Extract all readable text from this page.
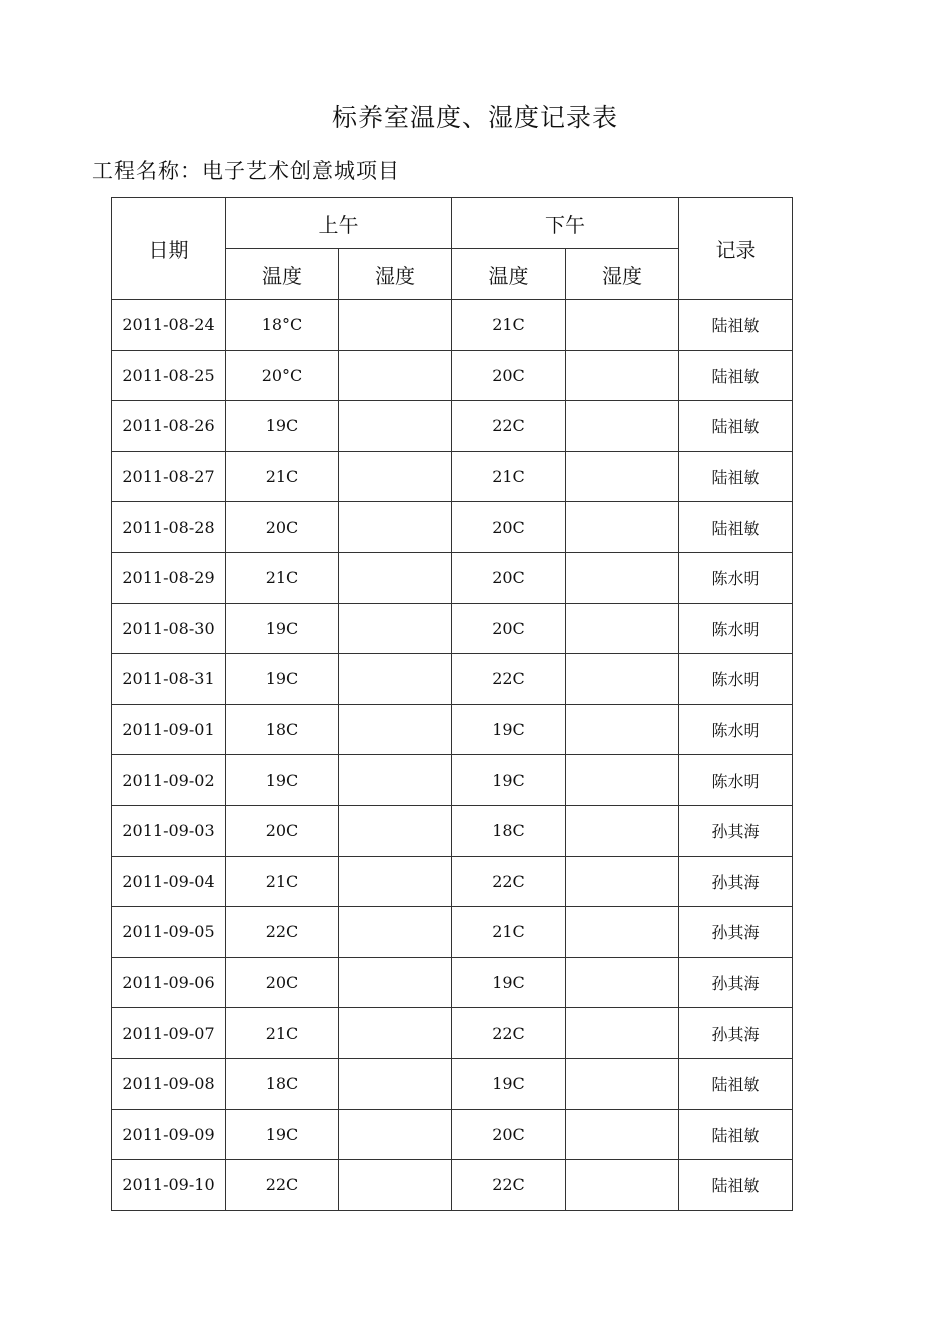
标养室温度、湿度记录表
工程名称：电子艺术创意城项目
日期	上午		下午		记录
	温度	湿度	温度	湿度	
2011-08-24	18°C		21C		陆祖敏
2011-08-25	20°C		20C		陆祖敏
2011-08-26	19C		22C		陆祖敏
2011-08-27	21C		21C		陆祖敏
2011-08-28	20C		20C		陆祖敏
2011-08-29	21C		20C		陈水明
2011-08-30	19C		20C		陈水明
2011-08-31	19C		22C		陈水明
2011-09-01	18C		19C		陈水明
2011-09-02	19C		19C		陈水明
2011-09-03	20C		18C		孙其海
2011-09-04	21C		22C		孙其海
2011-09-05	22C		21C		孙其海
2011-09-06	20C		19C		孙其海
2011-09-07	21C		22C		孙其海
2011-09-08	18C		19C		陆祖敏
2011-09-09	19C		20C		陆祖敏
2011-09-10	22C		22C		陆祖敏
